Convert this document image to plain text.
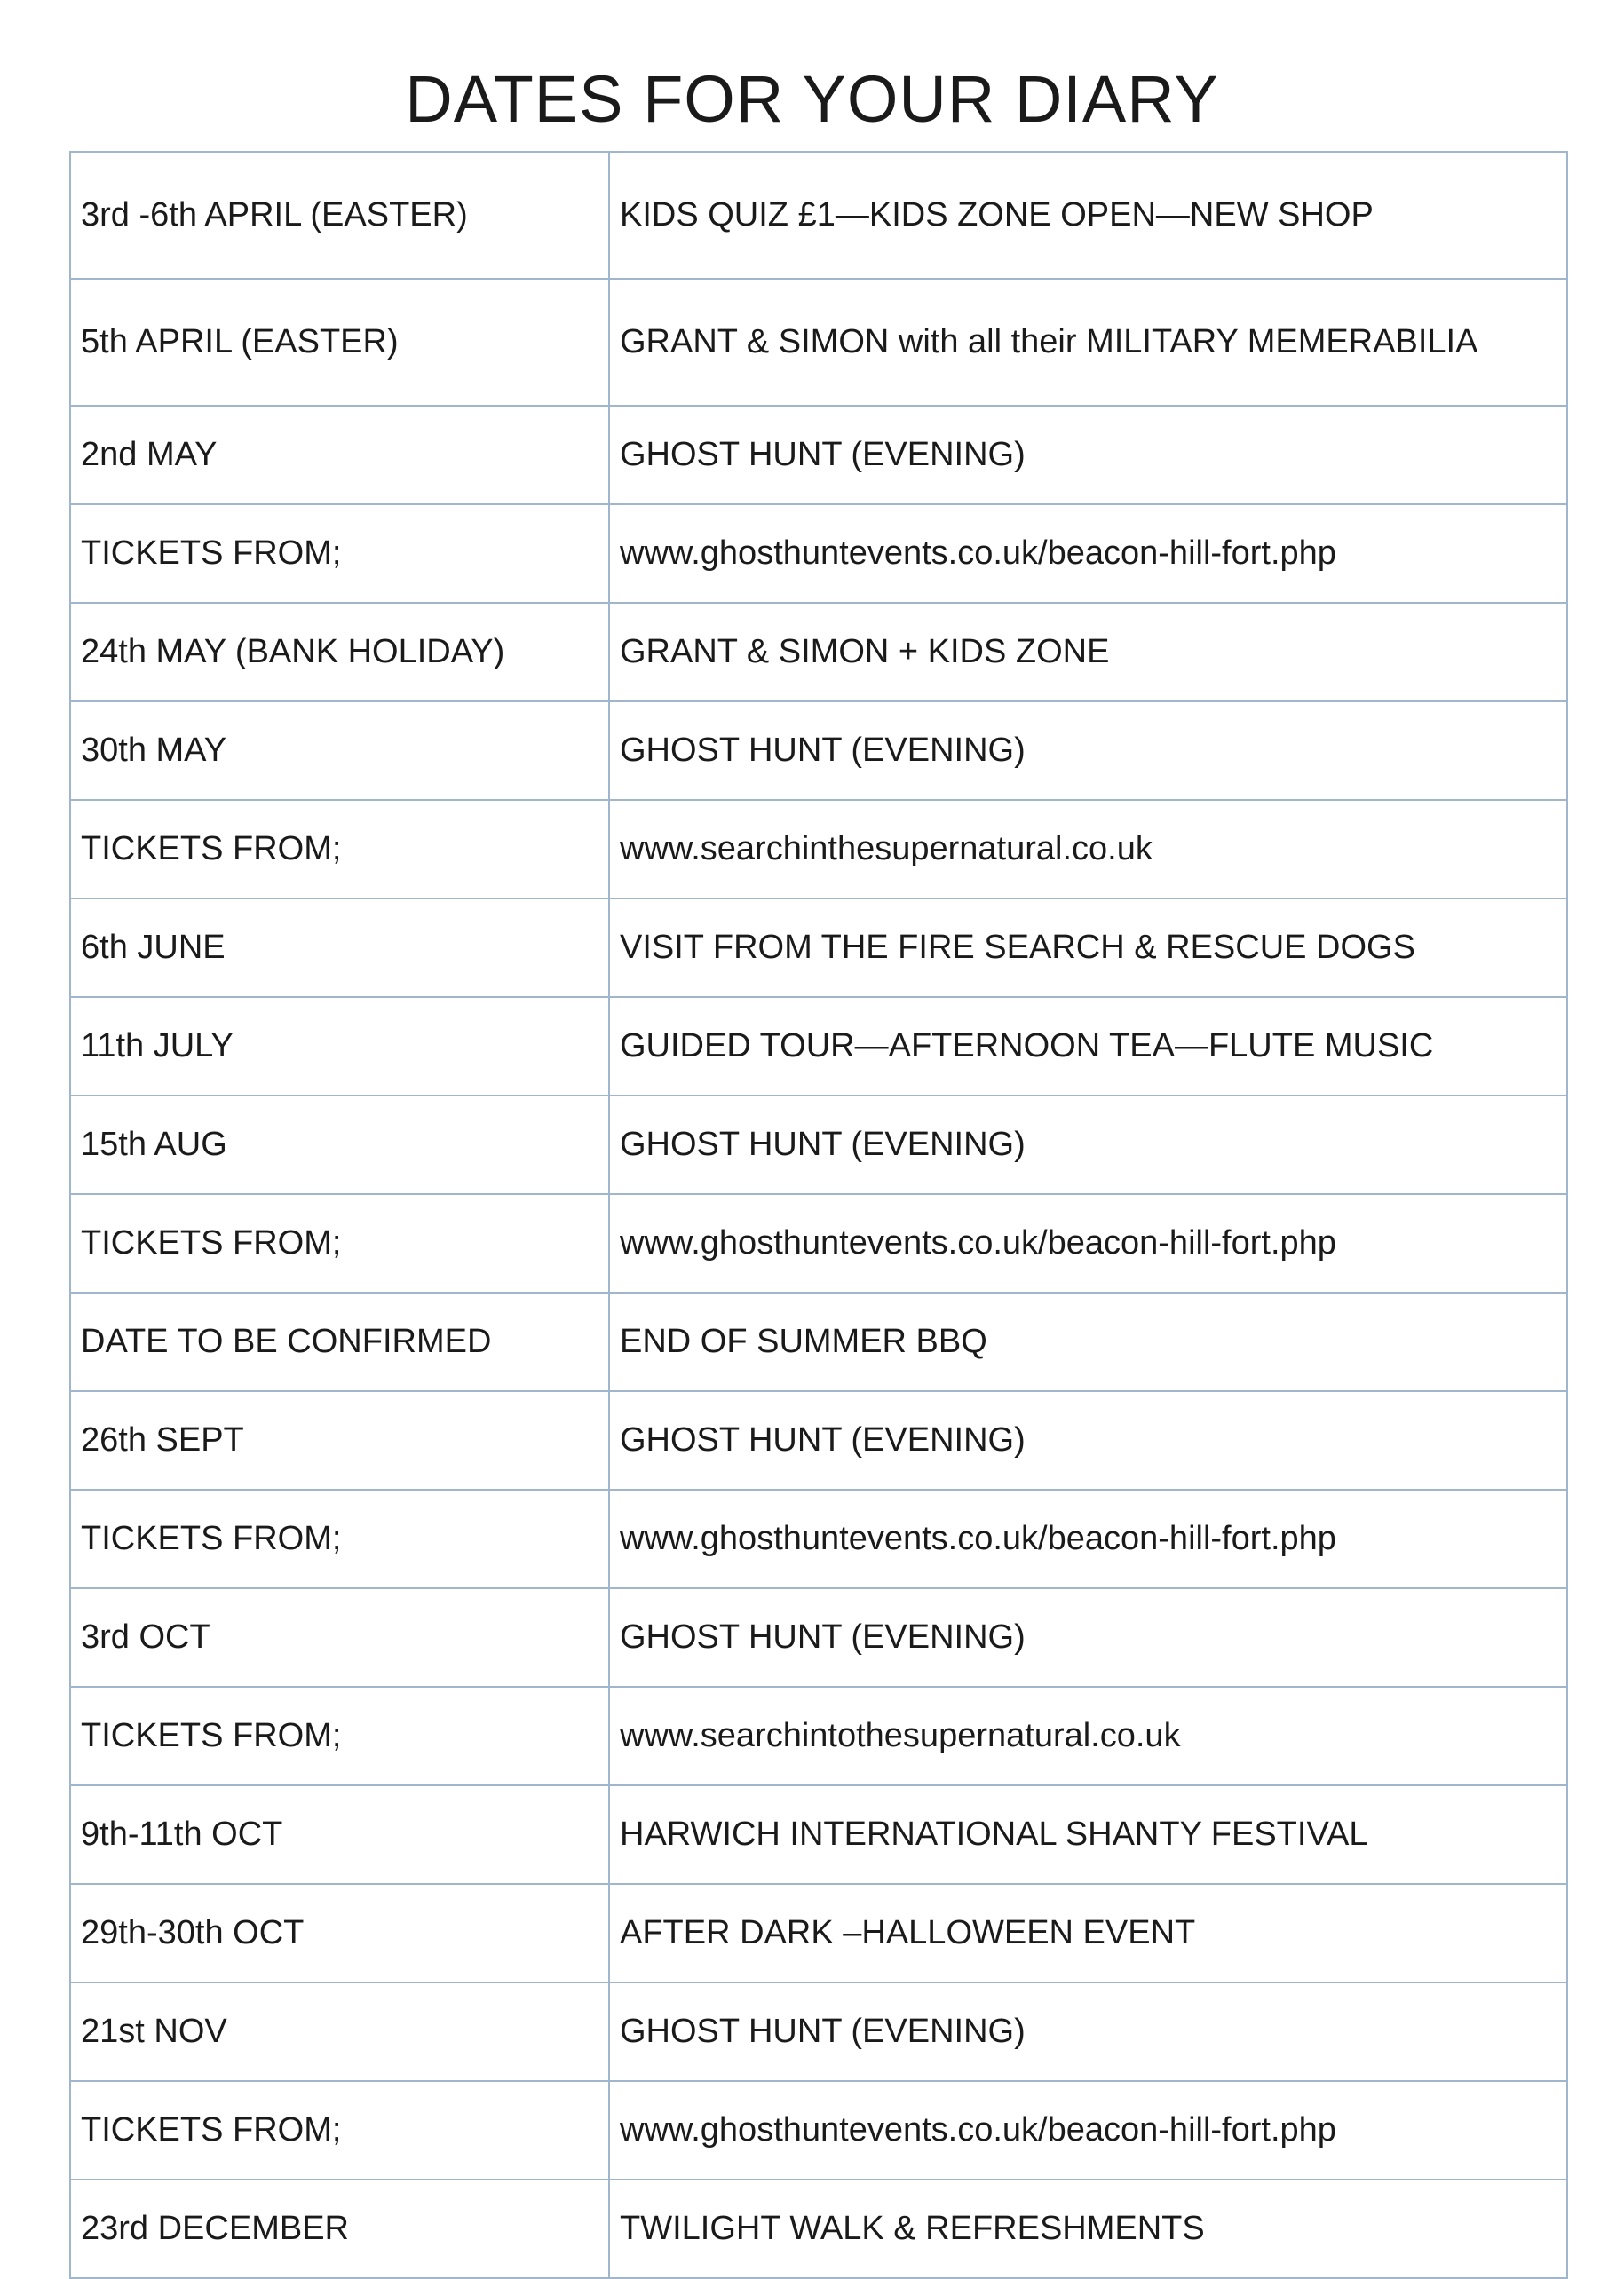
DATES FOR YOUR DIARY
3rd -6th APRIL (EASTER)	KIDS QUIZ £1—KIDS ZONE OPEN—NEW SHOP
5th APRIL (EASTER)	GRANT & SIMON with all their MILITARY MEMERABILIA
2nd MAY	GHOST HUNT (EVENING)
TICKETS FROM;	www.ghosthuntevents.co.uk/beacon-hill-fort.php
24th MAY (BANK HOLIDAY)	GRANT & SIMON + KIDS ZONE
30th MAY	GHOST HUNT (EVENING)
TICKETS FROM;	www.searchinthesupernatural.co.uk
6th JUNE	VISIT FROM THE FIRE SEARCH & RESCUE DOGS
11th JULY	GUIDED TOUR—AFTERNOON TEA—FLUTE MUSIC
15th AUG	GHOST HUNT (EVENING)
TICKETS FROM;	www.ghosthuntevents.co.uk/beacon-hill-fort.php
DATE TO BE CONFIRMED	END OF SUMMER BBQ
26th SEPT	GHOST HUNT (EVENING)
TICKETS FROM;	www.ghosthuntevents.co.uk/beacon-hill-fort.php
3rd OCT	GHOST HUNT (EVENING)
TICKETS FROM;	www.searchintothesupernatural.co.uk
9th-11th OCT	HARWICH INTERNATIONAL SHANTY FESTIVAL
29th-30th OCT	AFTER DARK –HALLOWEEN EVENT
21st NOV	GHOST HUNT (EVENING)
TICKETS FROM;	www.ghosthuntevents.co.uk/beacon-hill-fort.php
23rd DECEMBER	TWILIGHT WALK & REFRESHMENTS
